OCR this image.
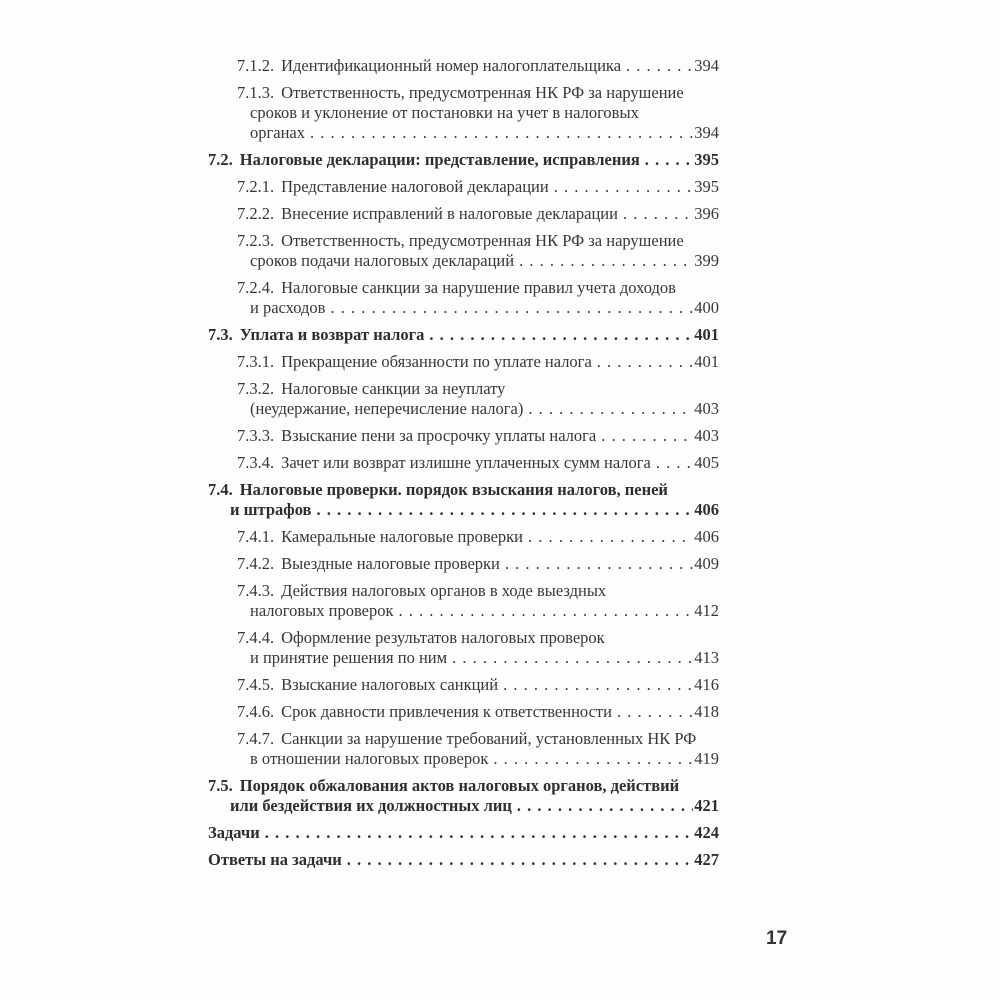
7.1.2. Идентификационный номер налогоплательщика . . .	394
7.1.3. Ответственность, предусмотренная НК РФ за нарушение
сроков и уклонение от постановки на учет в налоговых
органах . . .	394
7.2. Налоговые декларации: представление, исправления . . .	395
7.2.1. Представление налоговой декларации . . .	395
7.2.2. Внесение исправлений в налоговые декларации . . .	396
7.2.3. Ответственность, предусмотренная НК РФ за нарушение
сроков подачи налоговых деклараций . . .	399
7.2.4. Налоговые санкции за нарушение правил учета доходов
и расходов . . .	400
7.3. Уплата и возврат налога . . .	401
7.3.1. Прекращение обязанности по уплате налога . . .	401
7.3.2. Налоговые санкции за неуплату
(неудержание, неперечисление налога) . . .	403
7.3.3. Взыскание пени за просрочку уплаты налога . . .	403
7.3.4. Зачет или возврат излишне уплаченных сумм налога . . .	405
7.4. Налоговые проверки. порядок взыскания налогов, пеней
и штрафов . . .	406
7.4.1. Камеральные налоговые проверки . . .	406
7.4.2. Выездные налоговые проверки . . .	409
7.4.3. Действия налоговых органов в ходе выездных
налоговых проверок . . .	412
7.4.4. Оформление результатов налоговых проверок
и принятие решения по ним . . .	413
7.4.5. Взыскание налоговых санкций . . .	416
7.4.6. Срок давности привлечения к ответственности . . .	418
7.4.7. Санкции за нарушение требований, установленных НК РФ
в отношении налоговых проверок . . .	419
7.5. Порядок обжалования актов налоговых органов, действий
или бездействия их должностных лиц . . .	421
Задачи . . .	424
Ответы на задачи . . .	427
17
